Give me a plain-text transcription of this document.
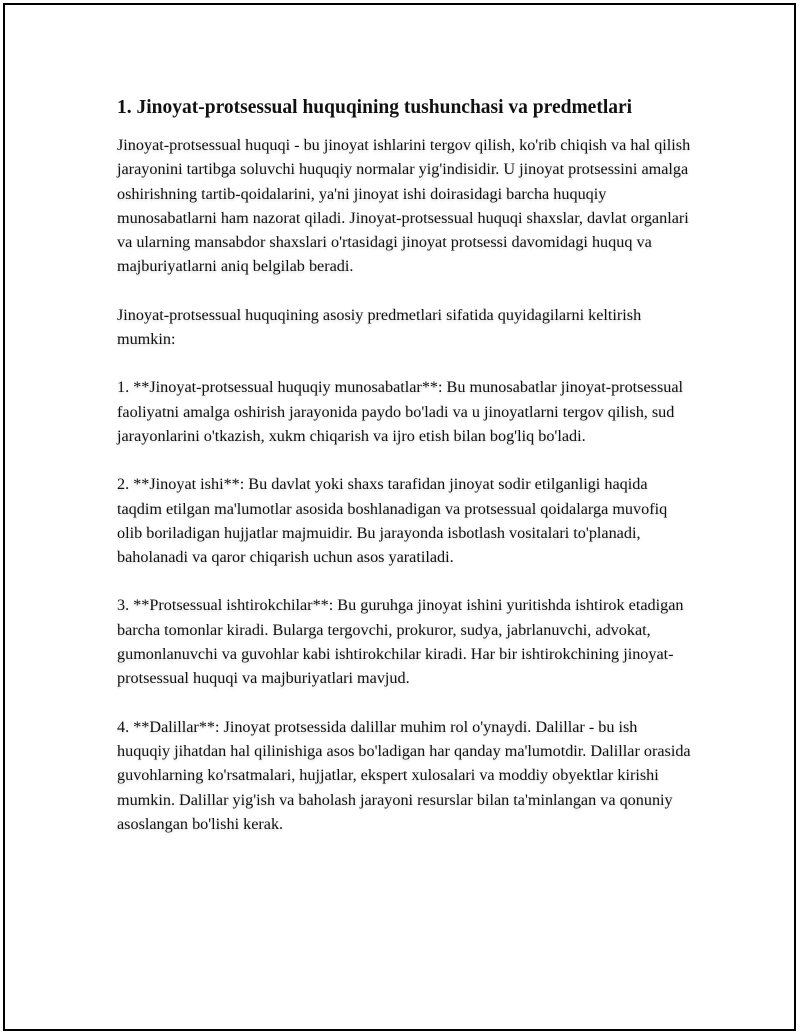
1. Jinoyat-protsessual huquqining tushunchasi va predmetlari

Jinoyat-protsessual huquqi - bu jinoyat ishlarini tergov qilish, ko'rib chiqish va hal qilish jarayonini tartibga soluvchi huquqiy normalar yig'indisidir. U jinoyat protsessini amalga oshirishning tartib-qoidalarini, ya'ni jinoyat ishi doirasidagi barcha huquqiy munosabatlarni ham nazorat qiladi. Jinoyat-protsessual huquqi shaxslar, davlat organlari va ularning mansabdor shaxslari o'rtasidagi jinoyat protsessi davomidagi huquq va majburiyatlarni aniq belgilab beradi.

Jinoyat-protsessual huquqining asosiy predmetlari sifatida quyidagilarni keltirish mumkin:

1. **Jinoyat-protsessual huquqiy munosabatlar**: Bu munosabatlar jinoyat-protsessual faoliyatni amalga oshirish jarayonida paydo bo'ladi va u jinoyatlarni tergov qilish, sud jarayonlarini o'tkazish, xukm chiqarish va ijro etish bilan bog'liq bo'ladi.

2. **Jinoyat ishi**: Bu davlat yoki shaxs tarafidan jinoyat sodir etilganligi haqida taqdim etilgan ma'lumotlar asosida boshlanadigan va protsessual qoidalarga muvofiq olib boriladigan hujjatlar majmuidir. Bu jarayonda isbotlash vositalari to'planadi, baholanadi va qaror chiqarish uchun asos yaratiladi.

3. **Protsessual ishtirokchilar**: Bu guruhga jinoyat ishini yuritishda ishtirok etadigan barcha tomonlar kiradi. Bularga tergovchi, prokuror, sudya, jabrlanuvchi, advokat, gumonlanuvchi va guvohlar kabi ishtirokchilar kiradi. Har bir ishtirokchining jinoyat-protsessual huquqi va majburiyatlari mavjud.

4. **Dalillar**: Jinoyat protsessida dalillar muhim rol o'ynaydi. Dalillar - bu ish huquqiy jihatdan hal qilinishiga asos bo'ladigan har qanday ma'lumotdir. Dalillar orasida guvohlarning ko'rsatmalari, hujjatlar, ekspert xulosalari va moddiy obyektlar kirishi mumkin. Dalillar yig'ish va baholash jarayoni resurslar bilan ta'minlangan va qonuniy asoslangan bo'lishi kerak.
